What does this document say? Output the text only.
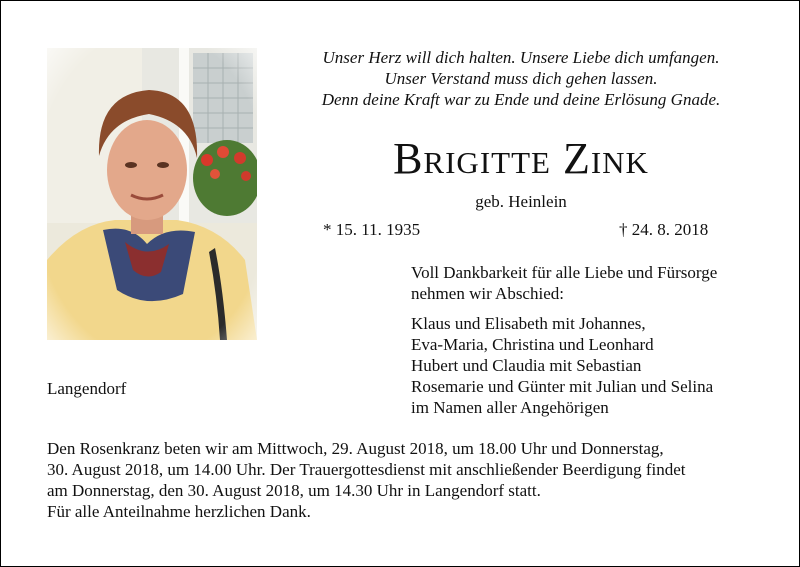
Unser Herz will dich halten. Unsere Liebe dich umfangen.
Unser Verstand muss dich gehen lassen.
Denn deine Kraft war zu Ende und deine Erlösung Gnade.
Brigitte Zink
geb. Heinlein
* 15. 11. 1935	† 24. 8. 2018
Voll Dankbarkeit für alle Liebe und Fürsorge
nehmen wir Abschied:
Klaus und Elisabeth mit Johannes,
Eva-Maria, Christina und Leonhard
Hubert und Claudia mit Sebastian
Rosemarie und Günter mit Julian und Selina
im Namen aller Angehörigen
Langendorf
Den Rosenkranz beten wir am Mittwoch, 29. August 2018, um 18.00 Uhr und Donnerstag,
30. August 2018, um 14.00 Uhr. Der Trauergottesdienst mit anschließender Beerdigung findet
am Donnerstag, den 30. August 2018, um 14.30 Uhr in Langendorf statt.
Für alle Anteilnahme herzlichen Dank.
